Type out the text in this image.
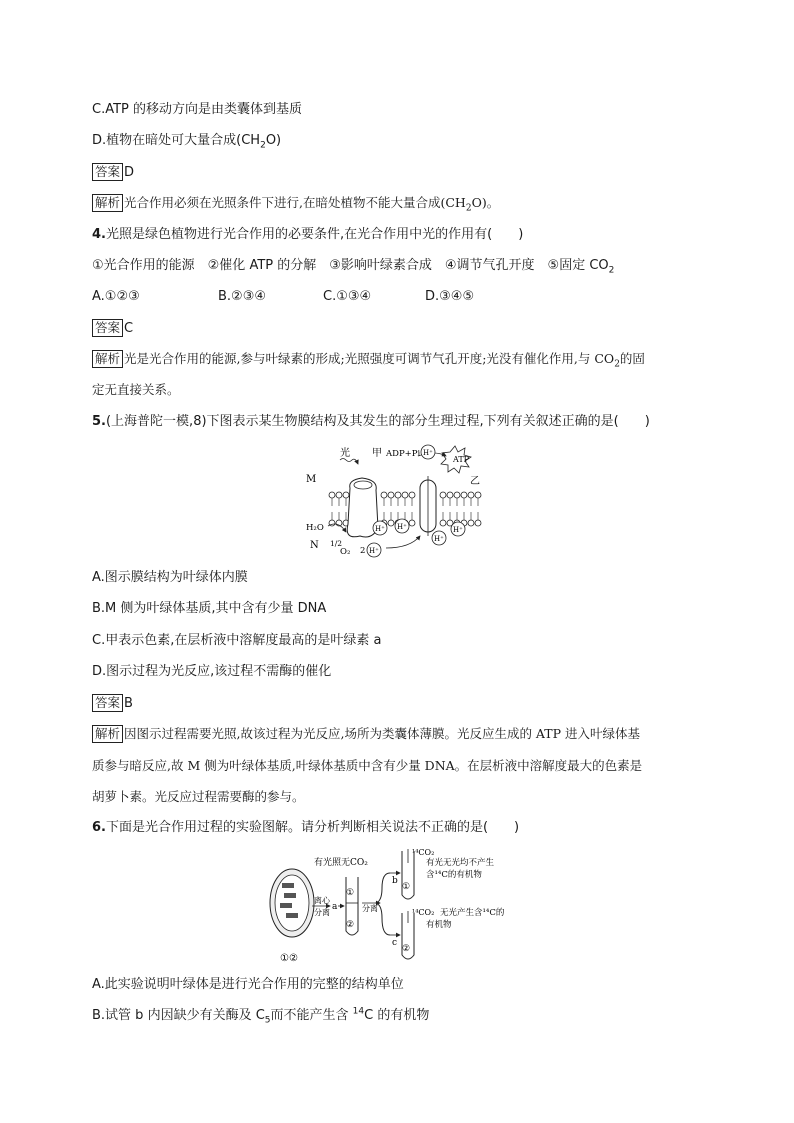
C.ATP 的移动方向是由类囊体到基质
D.植物在暗处可大量合成$(CH_2O)$
答案 D
解析 光合作用必须在光照条件下进行,在暗处植物不能大量合成$(CH_2O)$。
4.光照是绿色植物进行光合作用的必要条件,在光合作用中光的作用有(　　)
①光合作用的能源　②催化 ATP 的分解　③影响叶绿素合成　④调节气孔开度　⑤固定 $CO_2$
A.①②③	B.②③④	C.①③④	D.③④⑤
答案 C
解析 光是光合作用的能源,参与叶绿素的形成;光照强度可调节气孔开度;光没有催化作用,与 $CO_2$的固
定无直接关系。
5.(上海普陀一模,8)下图表示某生物膜结构及其发生的部分生理过程,下列有关叙述正确的是(　　)
光 甲
乙
M
N
ADP+Pi
ATP
H⁺
H⁺ H⁺
H⁺
H⁺
H⁺
H₂O
1/2
O₂ 2
A.图示膜结构为叶绿体内膜
B.M 侧为叶绿体基质,其中含有少量 DNA
C.甲表示色素,在层析液中溶解度最高的是叶绿素 a
D.图示过程为光反应,该过程不需酶的催化
答案 B
解析 因图示过程需要光照,故该过程为光反应,场所为类囊体薄膜。光反应生成的 ATP 进入叶绿体基
质参与暗反应,故 M 侧为叶绿体基质,叶绿体基质中含有少量 DNA。在层析液中溶解度最大的色素是
胡萝卜素。光反应过程需要酶的参与。
6.下面是光合作用过程的实验图解。请分析判断相关说法不正确的是(　　)
①②
离心
分离
a
①
②
有光照无CO₂
分离
b
c
①
¹⁴CO₂
有光无光均不产生
含¹⁴C的有机物
②
¹⁴CO₂ 无光产生含¹⁴C的
有机物
A.此实验说明叶绿体是进行光合作用的完整的结构单位
B.试管 b 内因缺少有关酶及 $C_5$而不能产生含 $^{14}$C 的有机物
